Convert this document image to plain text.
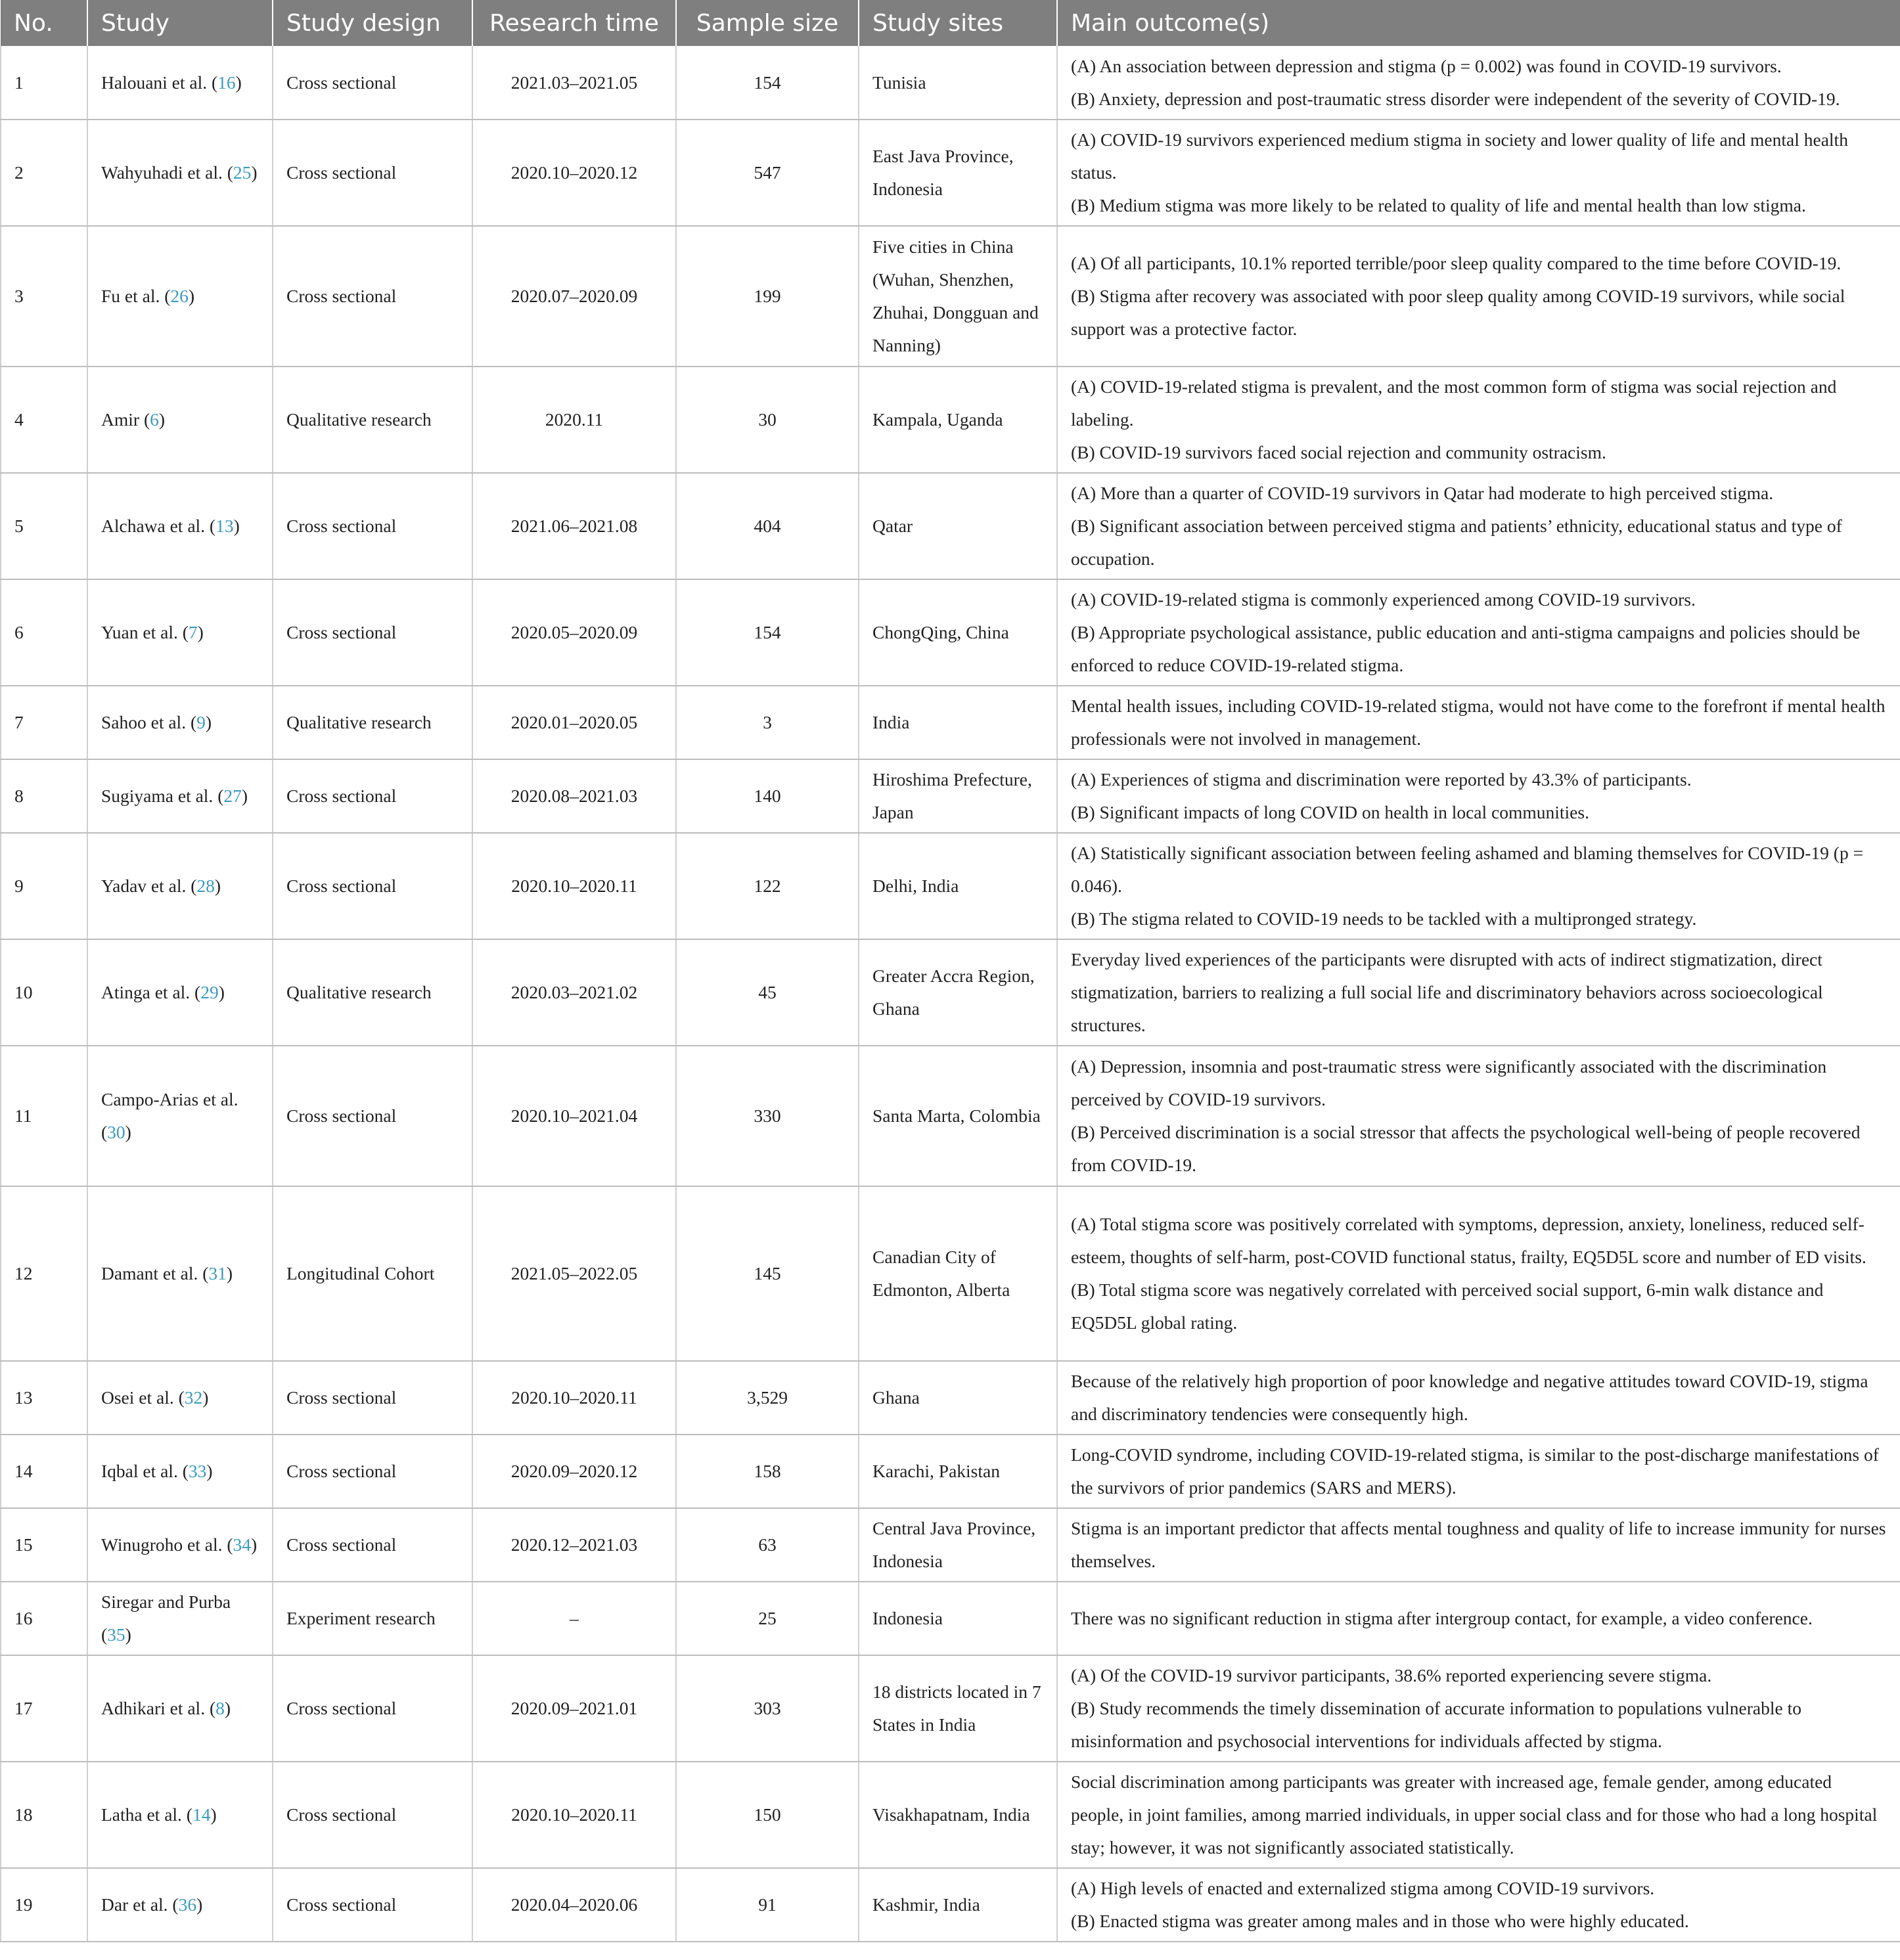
No.	Study	Study design	Research time	Sample size	Study sites	Main outcome(s)
1	Halouani et al. (16)	Cross sectional	2021.03–2021.05	154	Tunisia	(A) An association between depression and stigma (p = 0.002) was found in COVID-19 survivors.
(B) Anxiety, depression and post-traumatic stress disorder were independent of the severity of COVID-19.

2	Wahyuhadi et al. (25)	Cross sectional	2020.10–2020.12	547	East Java Province, Indonesia	(A) COVID-19 survivors experienced medium stigma in society and lower quality of life and mental health status.
(B) Medium stigma was more likely to be related to quality of life and mental health than low stigma.

3	Fu et al. (26)	Cross sectional	2020.07–2020.09	199	Five cities in China (Wuhan, Shenzhen, Zhuhai, Dongguan and Nanning)	(A) Of all participants, 10.1% reported terrible/poor sleep quality compared to the time before COVID-19.
(B) Stigma after recovery was associated with poor sleep quality among COVID-19 survivors, while social support was a protective factor.

4	Amir (6)	Qualitative research	2020.11	30	Kampala, Uganda	(A) COVID-19-related stigma is prevalent, and the most common form of stigma was social rejection and labeling.
(B) COVID-19 survivors faced social rejection and community ostracism.

5	Alchawa et al. (13)	Cross sectional	2021.06–2021.08	404	Qatar	(A) More than a quarter of COVID-19 survivors in Qatar had moderate to high perceived stigma.
(B) Significant association between perceived stigma and patients’ ethnicity, educational status and type of occupation.

6	Yuan et al. (7)	Cross sectional	2020.05–2020.09	154	ChongQing, China	(A) COVID-19-related stigma is commonly experienced among COVID-19 survivors.
(B) Appropriate psychological assistance, public education and anti-stigma campaigns and policies should be enforced to reduce COVID-19-related stigma.

7	Sahoo et al. (9)	Qualitative research	2020.01–2020.05	3	India	Mental health issues, including COVID-19-related stigma, would not have come to the forefront if mental health professionals were not involved in management.

8	Sugiyama et al. (27)	Cross sectional	2020.08–2021.03	140	Hiroshima Prefecture, Japan	(A) Experiences of stigma and discrimination were reported by 43.3% of participants.
(B) Significant impacts of long COVID on health in local communities.

9	Yadav et al. (28)	Cross sectional	2020.10–2020.11	122	Delhi, India	(A) Statistically significant association between feeling ashamed and blaming themselves for COVID-19 (p = 0.046).
(B) The stigma related to COVID-19 needs to be tackled with a multipronged strategy.

10	Atinga et al. (29)	Qualitative research	2020.03–2021.02	45	Greater Accra Region, Ghana	Everyday lived experiences of the participants were disrupted with acts of indirect stigmatization, direct stigmatization, barriers to realizing a full social life and discriminatory behaviors across socioecological structures.

11	Campo-Arias et al. (30)	Cross sectional	2020.10–2021.04	330	Santa Marta, Colombia	(A) Depression, insomnia and post-traumatic stress were significantly associated with the discrimination perceived by COVID-19 survivors.
(B) Perceived discrimination is a social stressor that affects the psychological well-being of people recovered from COVID-19.

12	Damant et al. (31)	Longitudinal Cohort	2021.05–2022.05	145	Canadian City of Edmonton, Alberta	(A) Total stigma score was positively correlated with symptoms, depression, anxiety, loneliness, reduced self-esteem, thoughts of self-harm, post-COVID functional status, frailty, EQ5D5L score and number of ED visits.
(B) Total stigma score was negatively correlated with perceived social support, 6-min walk distance and EQ5D5L global rating.

13	Osei et al. (32)	Cross sectional	2020.10–2020.11	3,529	Ghana	Because of the relatively high proportion of poor knowledge and negative attitudes toward COVID-19, stigma and discriminatory tendencies were consequently high.

14	Iqbal et al. (33)	Cross sectional	2020.09–2020.12	158	Karachi, Pakistan	Long-COVID syndrome, including COVID-19-related stigma, is similar to the post-discharge manifestations of the survivors of prior pandemics (SARS and MERS).

15	Winugroho et al. (34)	Cross sectional	2020.12–2021.03	63	Central Java Province, Indonesia	Stigma is an important predictor that affects mental toughness and quality of life to increase immunity for nurses themselves.

16	Siregar and Purba (35)	Experiment research	–	25	Indonesia	There was no significant reduction in stigma after intergroup contact, for example, a video conference.

17	Adhikari et al. (8)	Cross sectional	2020.09–2021.01	303	18 districts located in 7 States in India	(A) Of the COVID-19 survivor participants, 38.6% reported experiencing severe stigma.
(B) Study recommends the timely dissemination of accurate information to populations vulnerable to misinformation and psychosocial interventions for individuals affected by stigma.

18	Latha et al. (14)	Cross sectional	2020.10–2020.11	150	Visakhapatnam, India	Social discrimination among participants was greater with increased age, female gender, among educated people, in joint families, among married individuals, in upper social class and for those who had a long hospital stay; however, it was not significantly associated statistically.

19	Dar et al. (36)	Cross sectional	2020.04–2020.06	91	Kashmir, India	(A) High levels of enacted and externalized stigma among COVID-19 survivors.
(B) Enacted stigma was greater among males and in those who were highly educated.
